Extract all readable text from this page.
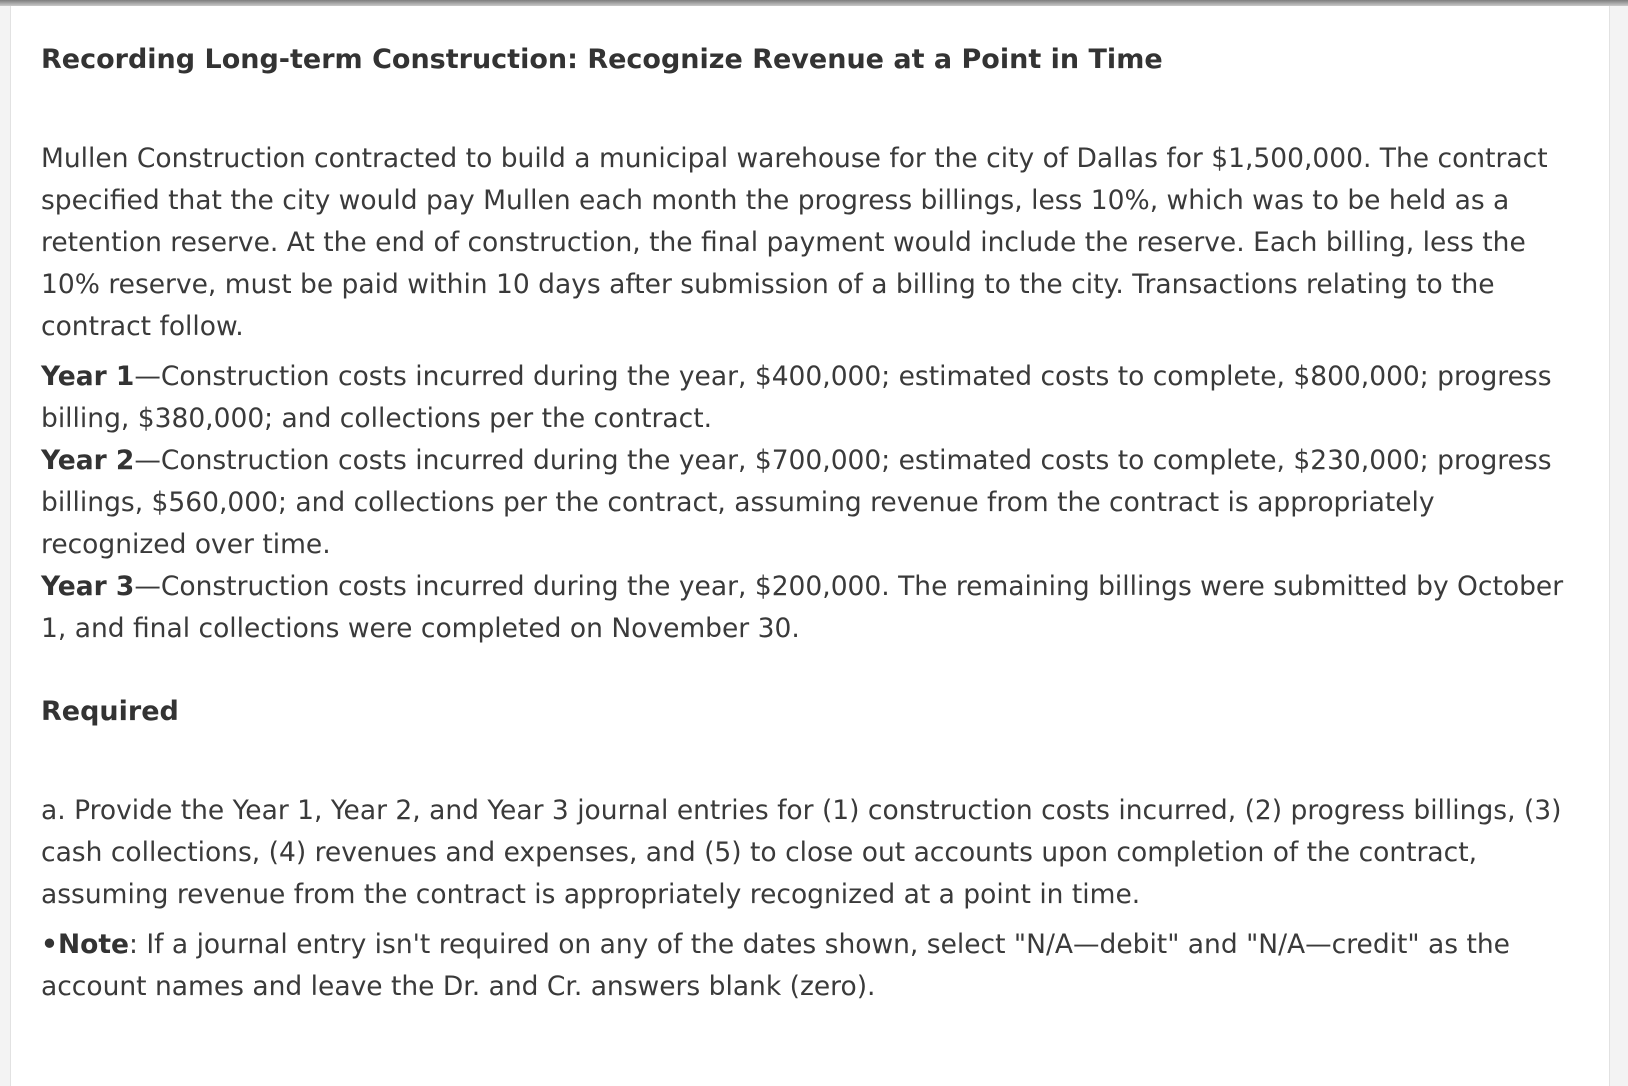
Recording Long-term Construction: Recognize Revenue at a Point in Time

Mullen Construction contracted to build a municipal warehouse for the city of Dallas for $1,500,000. The contract specified that the city would pay Mullen each month the progress billings, less 10%, which was to be held as a retention reserve. At the end of construction, the final payment would include the reserve. Each billing, less the 10% reserve, must be paid within 10 days after submission of a billing to the city. Transactions relating to the contract follow.

Year 1—Construction costs incurred during the year, $400,000; estimated costs to complete, $800,000; progress billing, $380,000; and collections per the contract.
Year 2—Construction costs incurred during the year, $700,000; estimated costs to complete, $230,000; progress billings, $560,000; and collections per the contract, assuming revenue from the contract is appropriately recognized over time.
Year 3—Construction costs incurred during the year, $200,000. The remaining billings were submitted by October 1, and final collections were completed on November 30.

Required

a. Provide the Year 1, Year 2, and Year 3 journal entries for (1) construction costs incurred, (2) progress billings, (3) cash collections, (4) revenues and expenses, and (5) to close out accounts upon completion of the contract, assuming revenue from the contract is appropriately recognized at a point in time.

•Note: If a journal entry isn't required on any of the dates shown, select "N/A—debit" and "N/A—credit" as the account names and leave the Dr. and Cr. answers blank (zero).
